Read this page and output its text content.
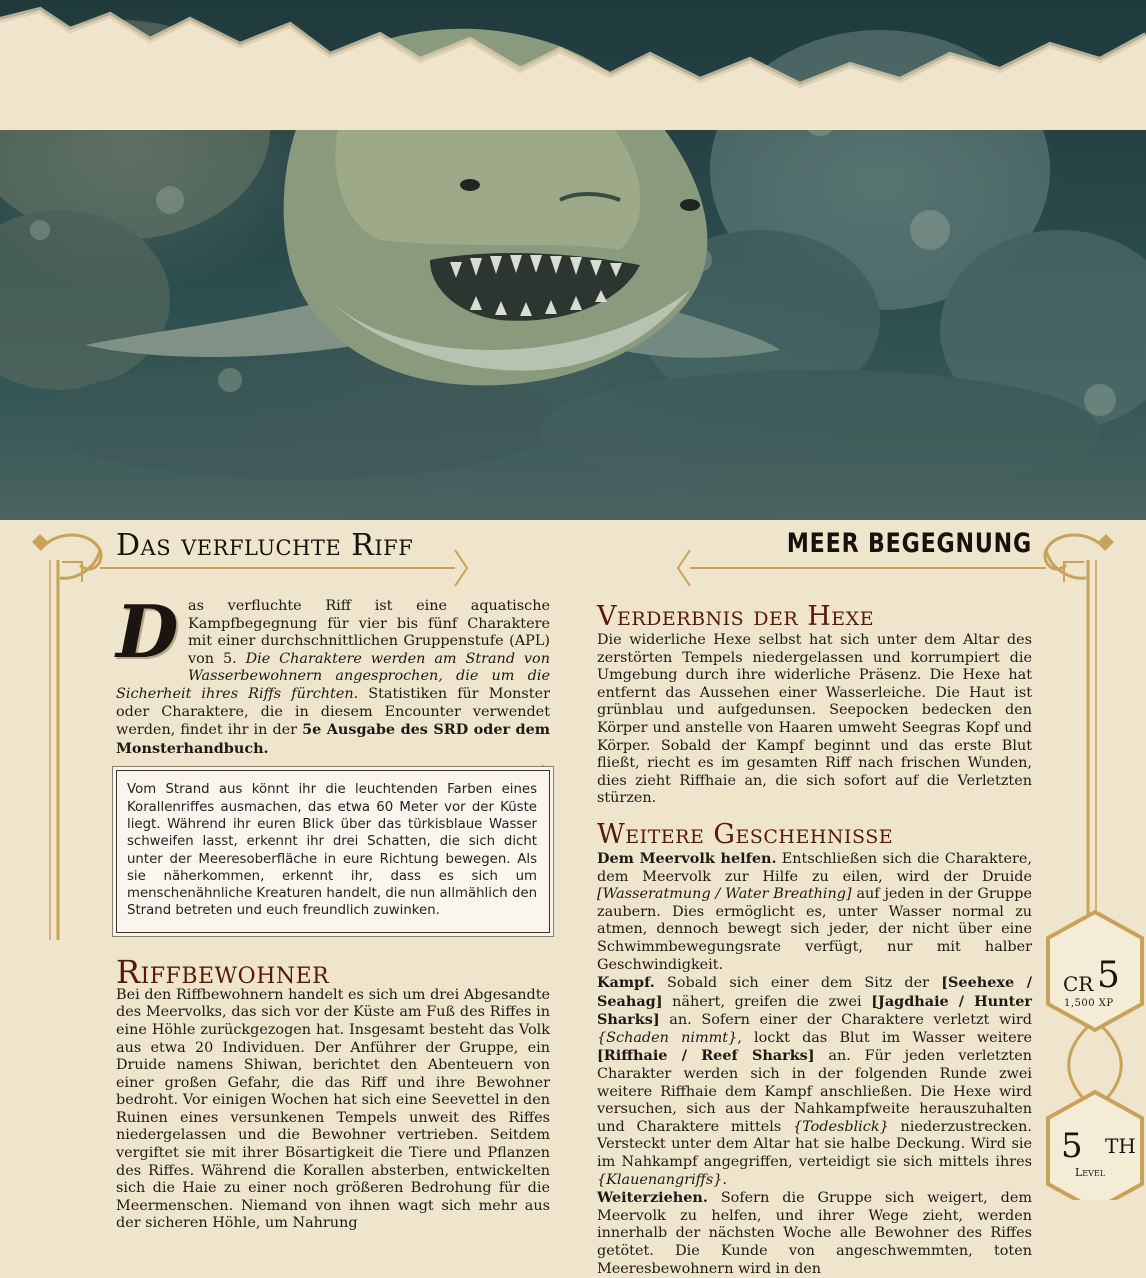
Das verfluchte Riff	MEER BEGEGNUNG
Das verfluchte Riff ist eine aquatische Kampfbegegnung für vier bis fünf Charaktere mit einer durchschnittlichen Gruppenstufe (APL) von 5. Die Charaktere werden am Strand von Wasserbewohnern angesprochen, die um die Sicherheit ihres Riffs fürchten. Statistiken für Monster oder Charaktere, die in diesem Encounter verwendet werden, findet ihr in der 5e Ausgabe des SRD oder dem Monsterhandbuch.
Vom Strand aus könnt ihr die leuchtenden Farben eines Korallenriffes ausmachen, das etwa 60 Meter vor der Küste liegt. Während ihr euren Blick über das türkisblaue Wasser schweifen lasst, erkennt ihr drei Schatten, die sich dicht unter der Meeresoberfläche in eure Richtung bewegen. Als sie näherkommen, erkennt ihr, dass es sich um menschenähnliche Kreaturen handelt, die nun allmählich den Strand betreten und euch freundlich zuwinken.
Riffbewohner

Bei den Riffbewohnern handelt es sich um drei Abgesandte des Meervolks, das sich vor der Küste am Fuß des Riffes in eine Höhle zurückgezogen hat. Insgesamt besteht das Volk aus etwa 20 Individuen. Der Anführer der Gruppe, ein Druide namens Shiwan, berichtet den Abenteuern von einer großen Gefahr, die das Riff und ihre Bewohner bedroht. Vor einigen Wochen hat sich eine Seevettel in den Ruinen eines versunkenen Tempels unweit des Riffes niedergelassen und die Bewohner vertrieben. Seitdem vergiftet sie mit ihrer Bösartigkeit die Tiere und Pflanzen des Riffes. Während die Korallen absterben, entwickelten sich die Haie zu einer noch größeren Bedrohung für die Meermenschen. Niemand von ihnen wagt sich mehr aus der sicheren Höhle, um Nahrung

Verderbnis der Hexe

Die widerliche Hexe selbst hat sich unter dem Altar des zerstörten Tempels niedergelassen und korrumpiert die Umgebung durch ihre widerliche Präsenz. Die Hexe hat entfernt das Aussehen einer Wasserleiche. Die Haut ist grünblau und aufgedunsen. Seepocken bedecken den Körper und anstelle von Haaren umweht Seegras Kopf und Körper. Sobald der Kampf beginnt und das erste Blut fließt, riecht es im gesamten Riff nach frischen Wunden, dies zieht Riffhaie an, die sich sofort auf die Verletzten stürzen.

Weitere Geschehnisse

Dem Meervolk helfen. Entschließen sich die Charaktere, dem Meervolk zur Hilfe zu eilen, wird der Druide [Wasseratmung / Water Breathing] auf jeden in der Gruppe zaubern. Dies ermöglicht es, unter Wasser normal zu atmen, dennoch bewegt sich jeder, der nicht über eine Schwimmbewegungsrate verfügt, nur mit halber Geschwindigkeit.

Kampf. Sobald sich einer dem Sitz der [Seehexe / Seahag] nähert, greifen die zwei [Jagdhaie / Hunter Sharks] an. Sofern einer der Charaktere verletzt wird {Schaden nimmt}, lockt das Blut im Wasser weitere [Riffhaie / Reef Sharks] an. Für jeden verletzten Charakter werden sich in der folgenden Runde zwei weitere Riffhaie dem Kampf anschließen. Die Hexe wird versuchen, sich aus der Nahkampfweite herauszuhalten und Charaktere mittels {Todesblick} niederzustrecken. Versteckt unter dem Altar hat sie halbe Deckung. Wird sie im Nahkampf angegriffen, verteidigt sie sich mittels ihres {Klauenangriffs}.

Weiterziehen. Sofern die Gruppe sich weigert, dem Meervolk zu helfen, und ihrer Wege zieht, werden innerhalb der nächsten Woche alle Bewohner des Riffes getötet. Die Kunde von angeschwemmten, toten Meeresbewohnern wird in den

CR 5
1,500 XP
5 TH
Level
